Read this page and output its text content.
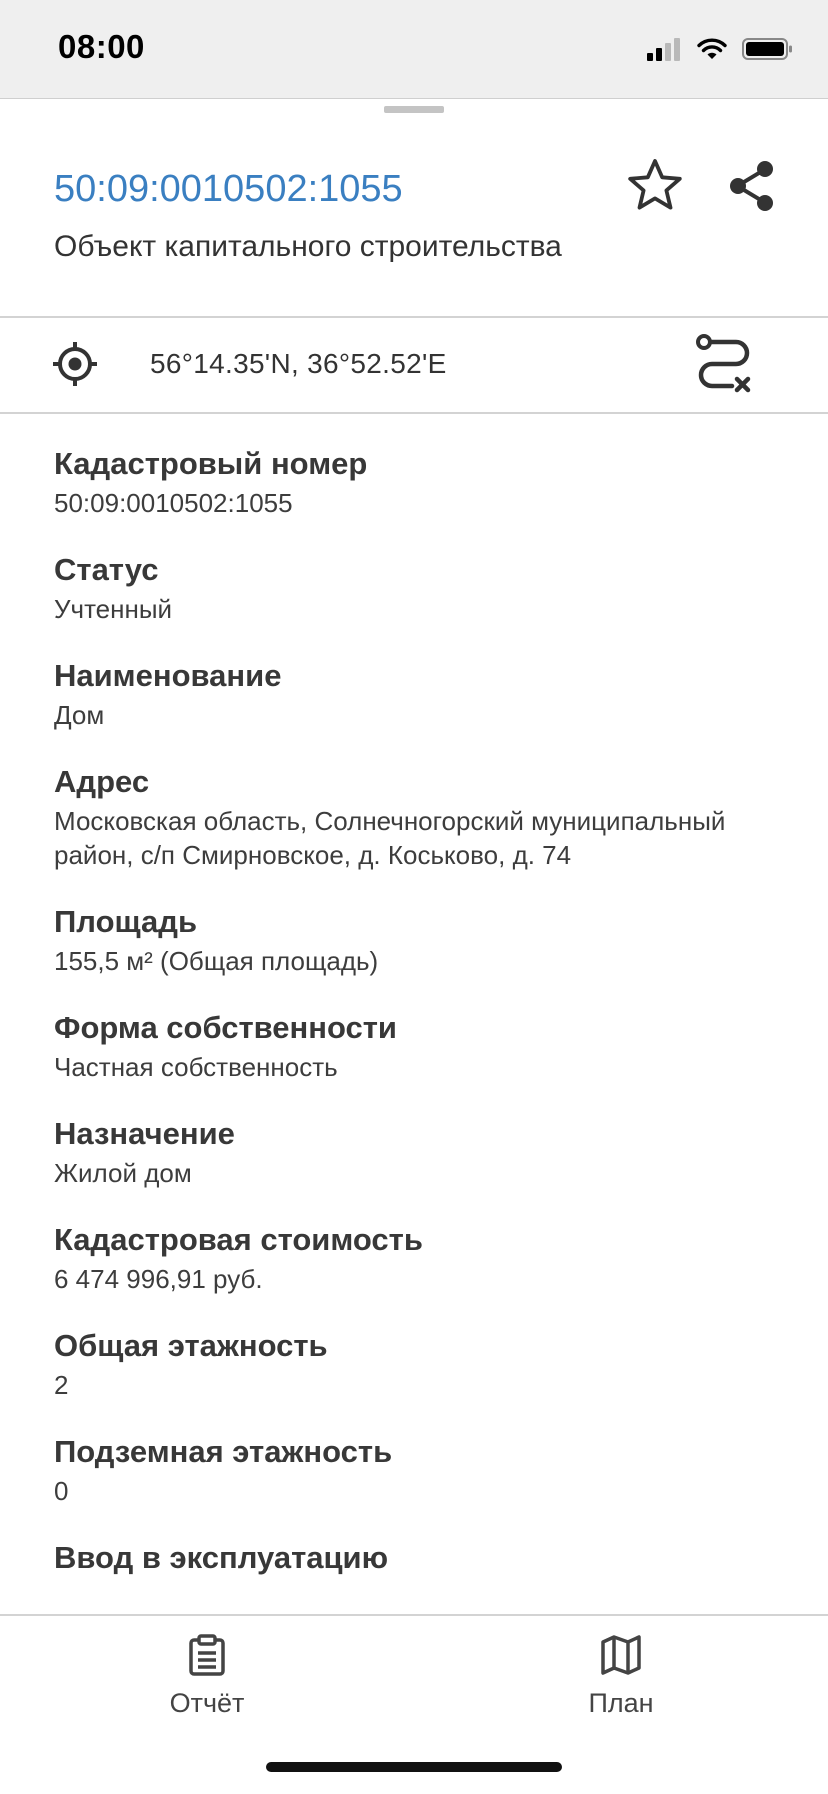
08:00
50:09:0010502:1055
Объект капитального строительства
56°14.35'N, 36°52.52'E
Кадастровый номер
50:09:0010502:1055
Статус
Учтенный
Наименование
Дом
Адрес
Московская область, Солнечногорский муниципальный район, с/п Смирновское, д. Коськово, д. 74
Площадь
155,5 м² (Общая площадь)
Форма собственности
Частная собственность
Назначение
Жилой дом
Кадастровая стоимость
6 474 996,91 руб.
Общая этажность
2
Подземная этажность
0
Ввод в эксплуатацию
Отчёт	План
